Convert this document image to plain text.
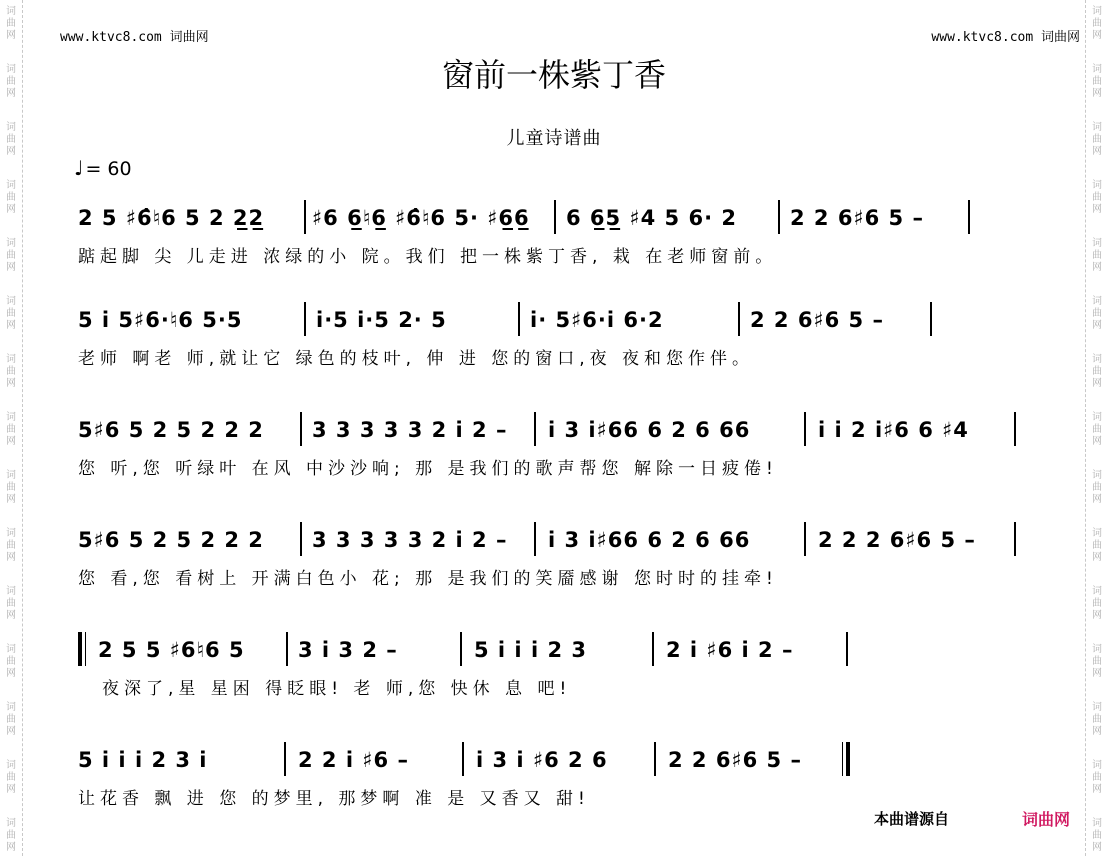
词
曲
网
词
曲
网
词
曲
网
词
曲
网
词
曲
网
词
曲
网
词
曲
网
词
曲
网
词
曲
网
词
曲
网
词
曲
网
词
曲
网
词
曲
网
词
曲
网
词
曲
网
词
曲
网
词
曲
网
词
曲
网
词
曲
网
词
曲
网
词
曲
网
词
曲
网
词
曲
网
词
曲
网
词
曲
网
词
曲
网
词
曲
网
词
曲
网
词
曲
网
词
曲
网
www.ktvc8.com 词曲网	www.ktvc8.com 词曲网
窗前一株紫丁香
儿童诗谱曲
♩ = 60
2 5 ♯6̂♮6 5 2 2̲2̲ ♯6 6̲♮6̲ ♯6̂♮6 5· ♯6̲6̲ 6 6̲5̲ ♯4 5 6· 2	2 2 6♯6 5 –
踮起脚 尖 儿走进 浓绿的小 院。我们 把一株紫丁香, 栽 在老师窗前。
5 i 5♯6·♮6 5·5	i·5 i·5 2· 5	i· 5♯6·i 6·2	2 2 6♯6 5 –
老师 啊老 师,就让它 绿色的枝叶, 伸 进 您的窗口,夜 夜和您作伴。
5♯6 5 2 5 2 2 2 3 3 3 3 3 2 i 2 – i 3 i♯66 6 2 6 66	i i 2 i♯6 6 ♯4
您 听,您 听绿叶 在风 中沙沙响; 那 是我们的歌声帮您 解除一日疲倦!
5♯6 5 2 5 2 2 2 3 3 3 3 3 2 i 2 – i 3 i♯66 6 2 6 66	2 2 2 6♯6 5 –
您 看,您 看树上 开满白色小 花; 那 是我们的笑靥感谢 您时时的挂牵!
2 5 5 ♯6♮6 5	3 i 3 2 –	5 i i i 2 3	2 i ♯6 i 2 –
夜深了,星 星困 得眨眼! 老 师,您 快休 息 吧!
5 i i i 2 3 i	2 2 i ♯6 –	i 3 i ♯6 2 6	2 2 6♯6 5 –
让花香 飘 进 您 的梦里, 那梦啊 准 是 又香又 甜!
本曲谱源自	词曲网
